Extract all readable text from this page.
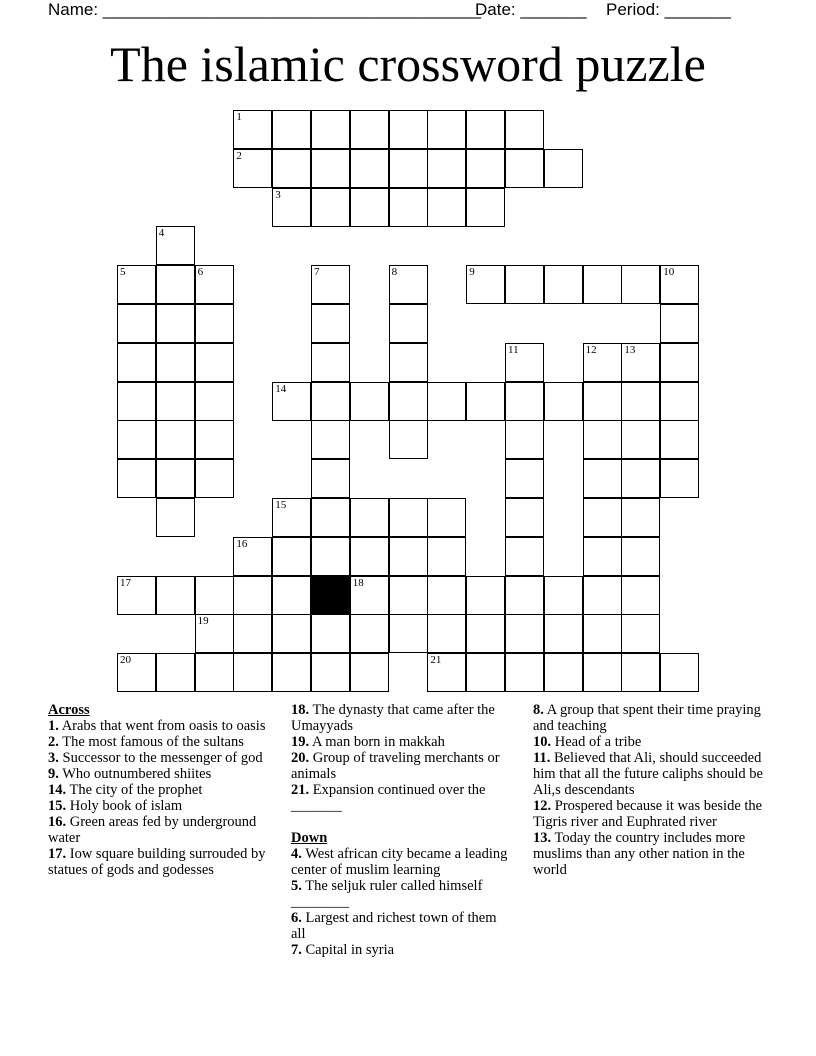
Name: ________________________________________
Date: _______ Period: _______
The islamic crossword puzzle
1
2
3
4
5	6	7	8	9	10
11	12	13
14
15
16
17	18
19
20	21

Across

1. Arabs that went from oasis to oasis

2. The most famous of the sultans

3. Successor to the messenger of god

9. Who outnumbered shiites

14. The city of the prophet

15. Holy book of islam

16. Green areas fed by underground water

17. Iow square building surrouded by statues of gods and godesses

18. The dynasty that came after the Umayyads

19. A man born in makkah

20. Group of traveling merchants or animals

21. Expansion continued over the _______

Down

4. West african city became a leading center of muslim learning

5. The seljuk ruler called himself ________

6. Largest and richest town of them all

7. Capital in syria

8. A group that spent their time praying and teaching

10. Head of a tribe

11. Believed that Ali, should succeeded him that all the future caliphs should be Ali,s descendants

12. Prospered because it was beside the Tigris river and Euphrated river

13. Today the country includes more muslims than any other nation in the world
